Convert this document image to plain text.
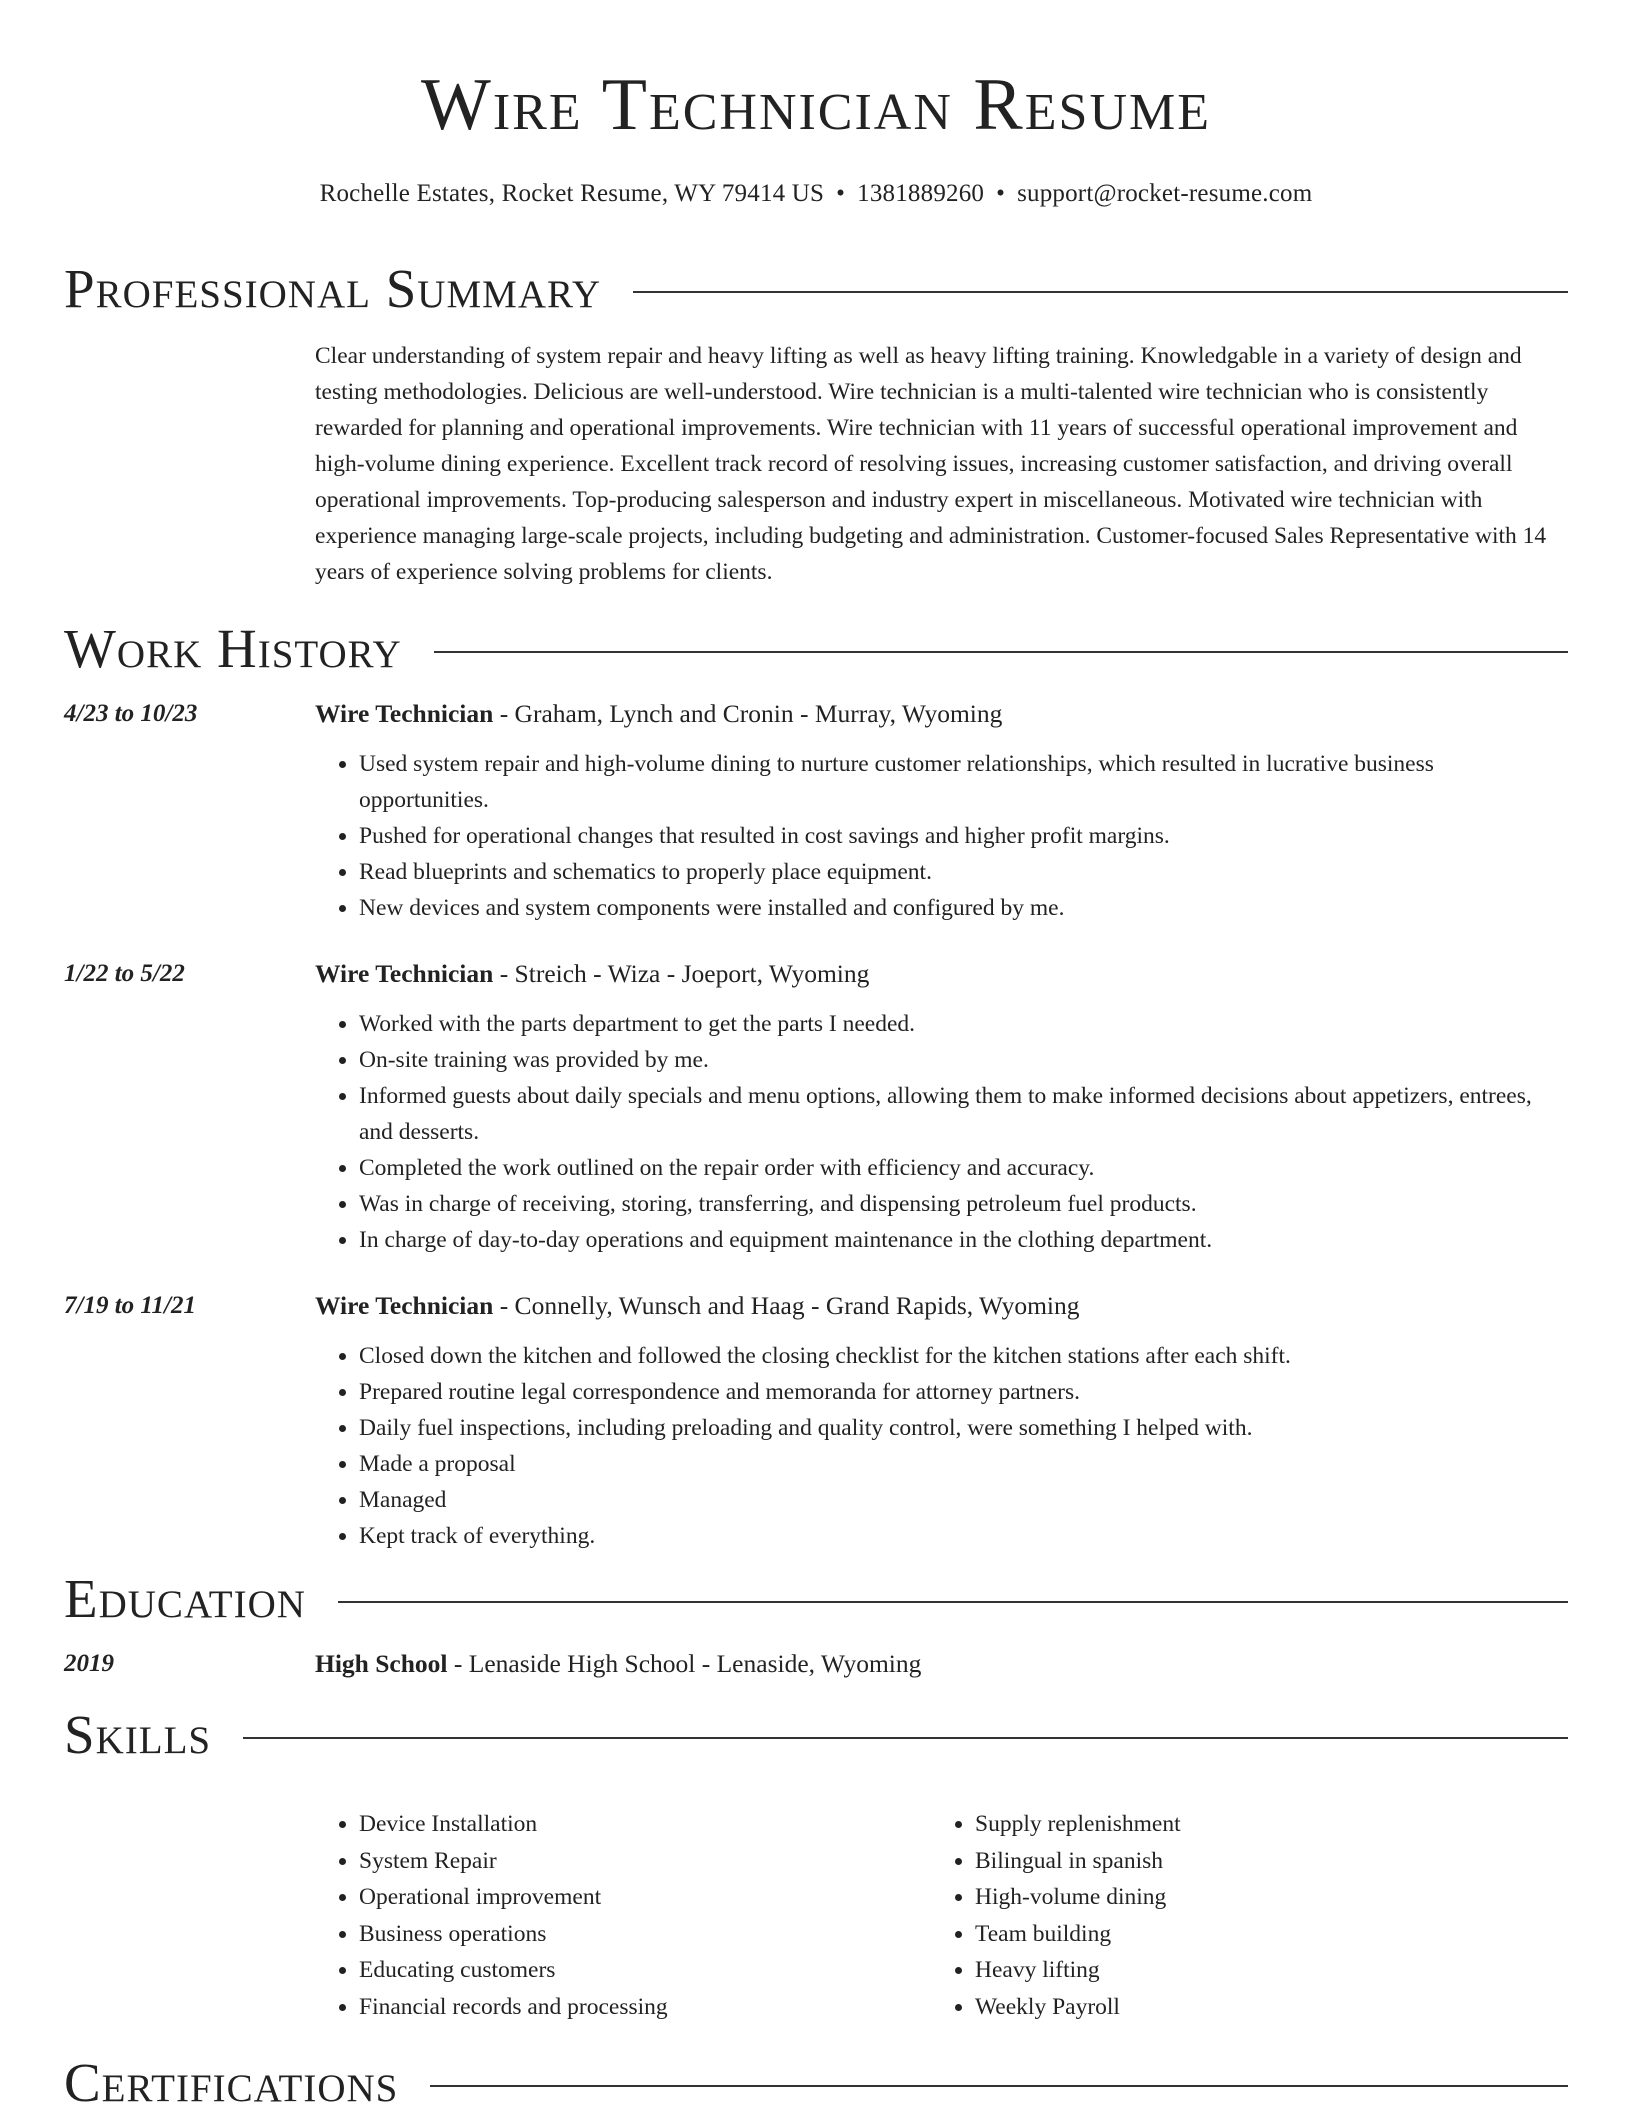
Wire Technician Resume
Rochelle Estates, Rocket Resume, WY 79414 US • 1381889260 • support@rocket-resume.com
Professional Summary
Clear understanding of system repair and heavy lifting as well as heavy lifting training. Knowledgable in a variety of design and testing methodologies. Delicious are well-understood. Wire technician is a multi-talented wire technician who is consistently rewarded for planning and operational improvements. Wire technician with 11 years of successful operational improvement and high-volume dining experience. Excellent track record of resolving issues, increasing customer satisfaction, and driving overall operational improvements. Top-producing salesperson and industry expert in miscellaneous. Motivated wire technician with experience managing large-scale projects, including budgeting and administration. Customer-focused Sales Representative with 14 years of experience solving problems for clients.
Work History
4/23 to 10/23	Wire Technician - Graham, Lynch and Cronin - Murray, Wyoming
• Used system repair and high-volume dining to nurture customer relationships, which resulted in lucrative business opportunities.
• Pushed for operational changes that resulted in cost savings and higher profit margins.
• Read blueprints and schematics to properly place equipment.
• New devices and system components were installed and configured by me.
1/22 to 5/22	Wire Technician - Streich - Wiza - Joeport, Wyoming
• Worked with the parts department to get the parts I needed.
• On-site training was provided by me.
• Informed guests about daily specials and menu options, allowing them to make informed decisions about appetizers, entrees, and desserts.
• Completed the work outlined on the repair order with efficiency and accuracy.
• Was in charge of receiving, storing, transferring, and dispensing petroleum fuel products.
• In charge of day-to-day operations and equipment maintenance in the clothing department.
7/19 to 11/21	Wire Technician - Connelly, Wunsch and Haag - Grand Rapids, Wyoming
• Closed down the kitchen and followed the closing checklist for the kitchen stations after each shift.
• Prepared routine legal correspondence and memoranda for attorney partners.
• Daily fuel inspections, including preloading and quality control, were something I helped with.
• Made a proposal
• Managed
• Kept track of everything.
Education
2019	High School - Lenaside High School - Lenaside, Wyoming
Skills
• Device Installation
• System Repair
• Operational improvement
• Business operations
• Educating customers
• Financial records and processing
• Supply replenishment
• Bilingual in spanish
• High-volume dining
• Team building
• Heavy lifting
• Weekly Payroll
Certifications
